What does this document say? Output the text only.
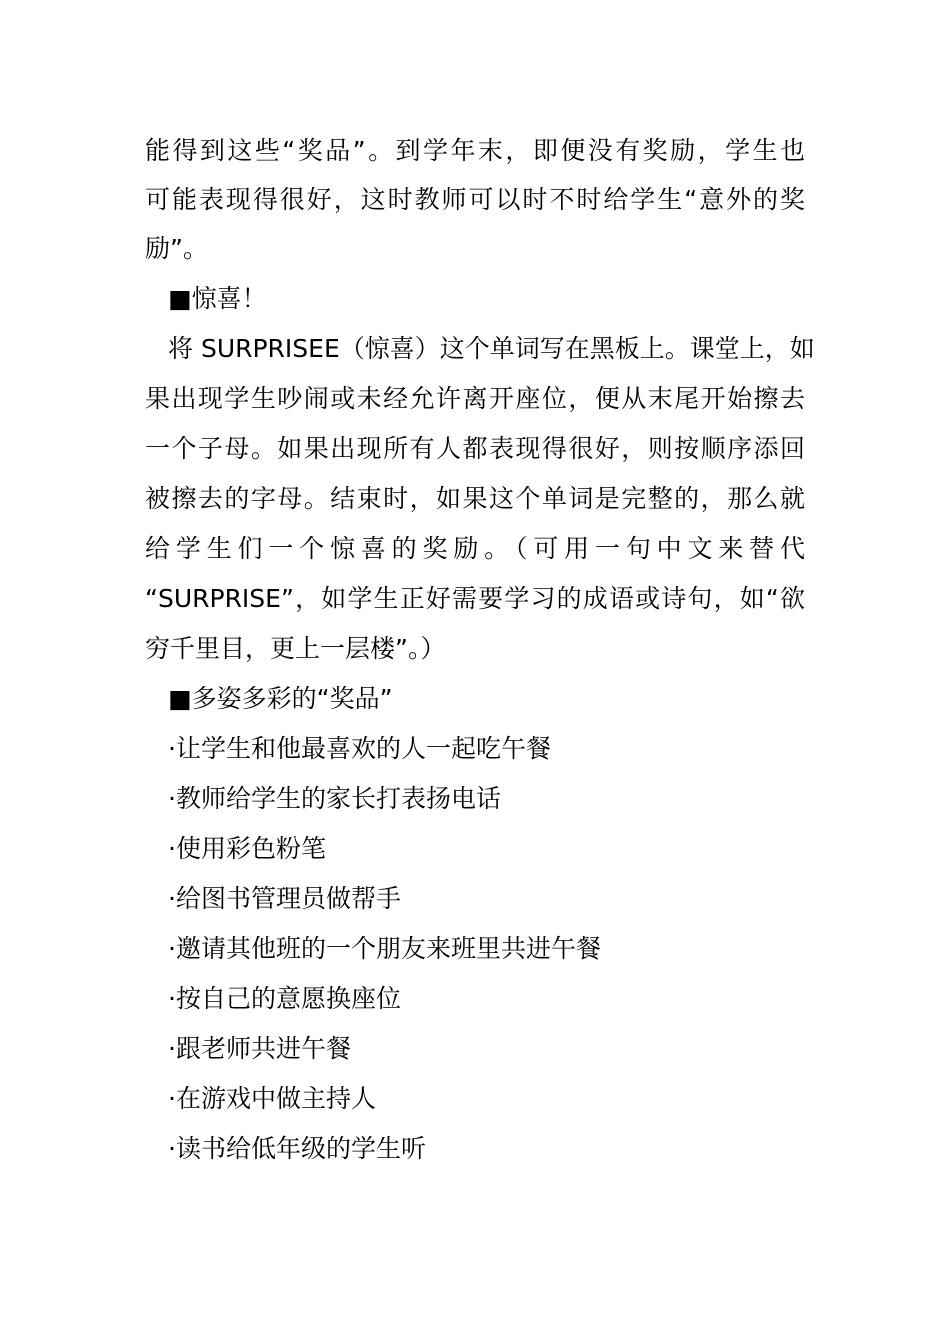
能得到这些“奖品”。到学年末，即便没有奖励，学生也
可能表现得很好，这时教师可以时不时给学生“意外的奖
励”。
■惊喜！
将 SURPRISEE（惊喜）这个单词写在黑板上。课堂上，如
果出现学生吵闹或未经允许离开座位，便从末尾开始擦去
一个子母。如果出现所有人都表现得很好，则按顺序添回
被擦去的字母。结束时，如果这个单词是完整的，那么就
给学生们一个惊喜的奖励。（可用一句中文来替代
“SURPRISE”，如学生正好需要学习的成语或诗句，如“欲
穷千里目，更上一层楼”。）
■多姿多彩的“奖品”
·让学生和他最喜欢的人一起吃午餐
·教师给学生的家长打表扬电话
·使用彩色粉笔
·给图书管理员做帮手
·邀请其他班的一个朋友来班里共进午餐
·按自己的意愿换座位
·跟老师共进午餐
·在游戏中做主持人
·读书给低年级的学生听
